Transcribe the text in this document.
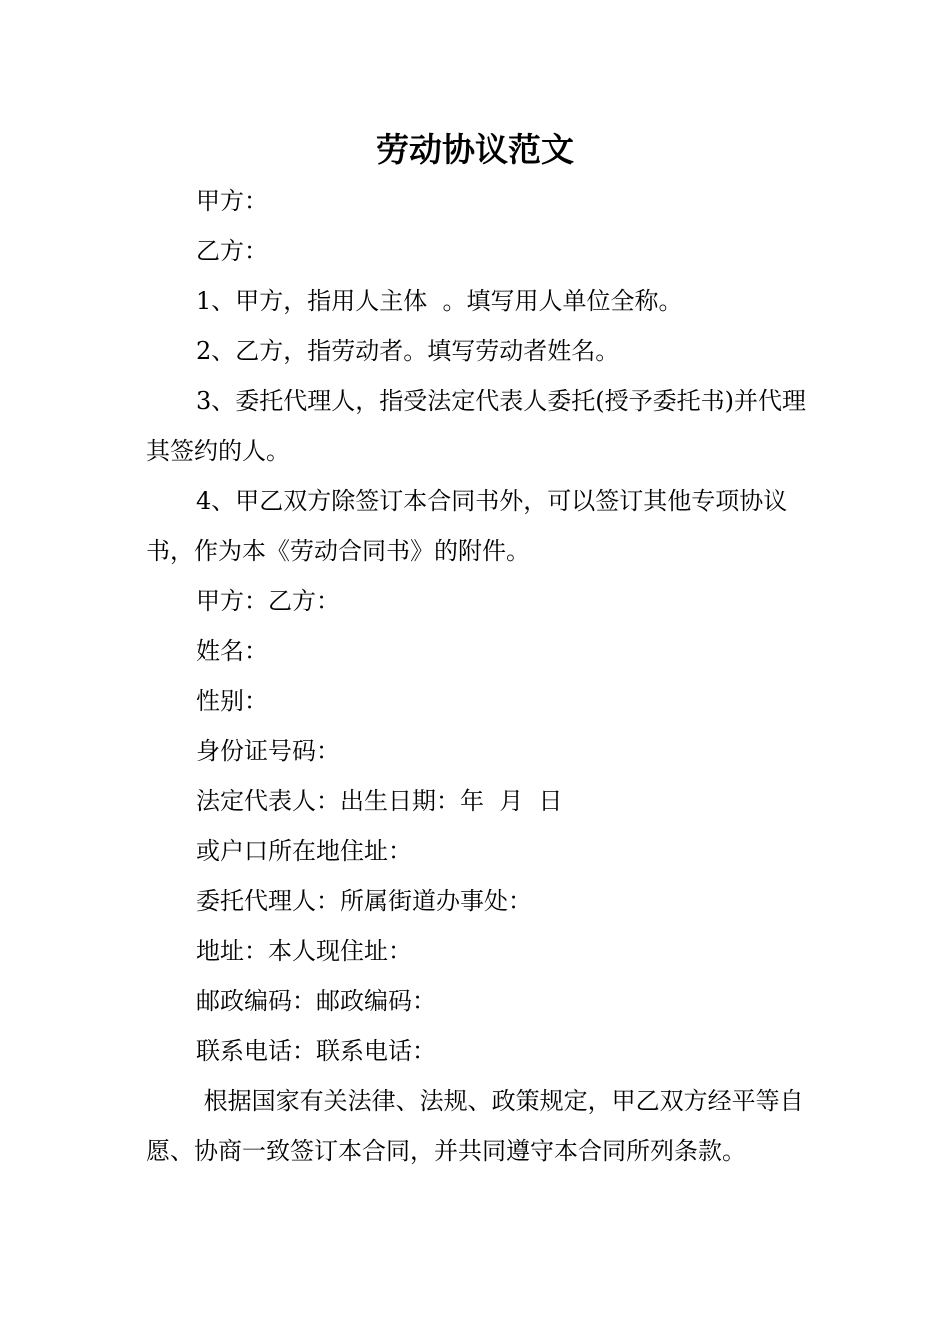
劳动协议范文

甲方：

乙方：

1、甲方，指用人主体  。填写用人单位全称。

2、乙方，指劳动者。填写劳动者姓名。

3、委托代理人，指受法定代表人委托(授予委托书)并代理其签约的人。

4、甲乙双方除签订本合同书外，可以签订其他专项协议书，作为本《劳动合同书》的附件。

甲方：乙方：

姓名：

性别：

身份证号码：

法定代表人：出生日期：年  月  日

或户口所在地住址：

委托代理人：所属街道办事处：

地址：本人现住址：

邮政编码：邮政编码：

联系电话：联系电话：

根据国家有关法律、法规、政策规定，甲乙双方经平等自愿、协商一致签订本合同，并共同遵守本合同所列条款。
